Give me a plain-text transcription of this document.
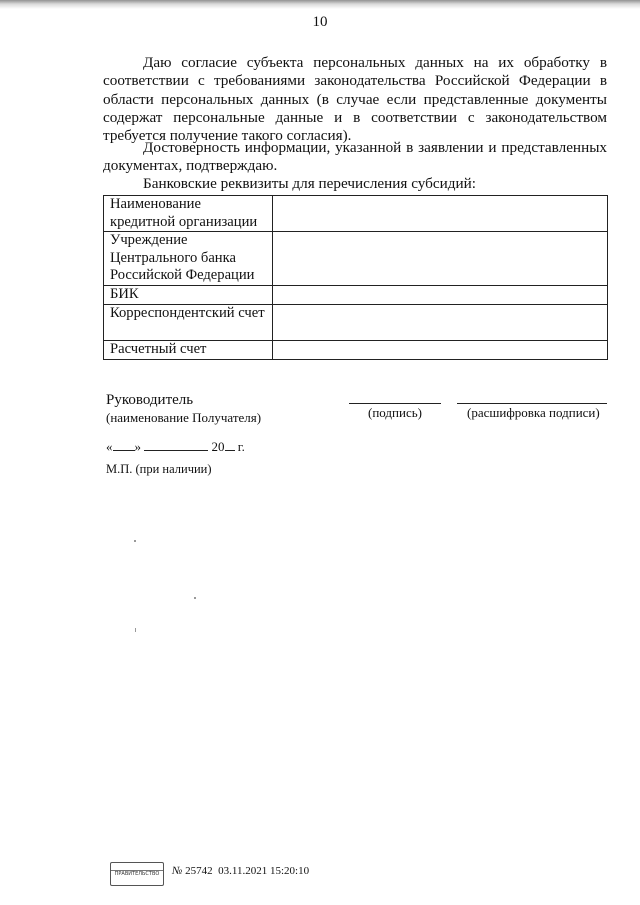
10

Даю согласие субъекта персональных данных на их обработку в соответствии с требованиями законодательства Российской Федерации в области персональных данных (в случае если представленные документы содержат персональные данные и в соответствии с законодательством требуется получение такого согласия).

Достоверность информации, указанной в заявлении и представленных документах, подтверждаю.

Банковские реквизиты для перечисления субсидий:
Наименование кредитной организации	
Учреждение Центрального банка Российской Федерации	
БИК	
Корреспондентский счет	
Расчетный счет	
Руководитель
(наименование Получателя)	(подпись)	(расшифровка подписи)
« »	20 г.
М.П. (при наличии)
ПРАВИТЕЛЬСТВО	№ 25742 03.11.2021 15:20:10
